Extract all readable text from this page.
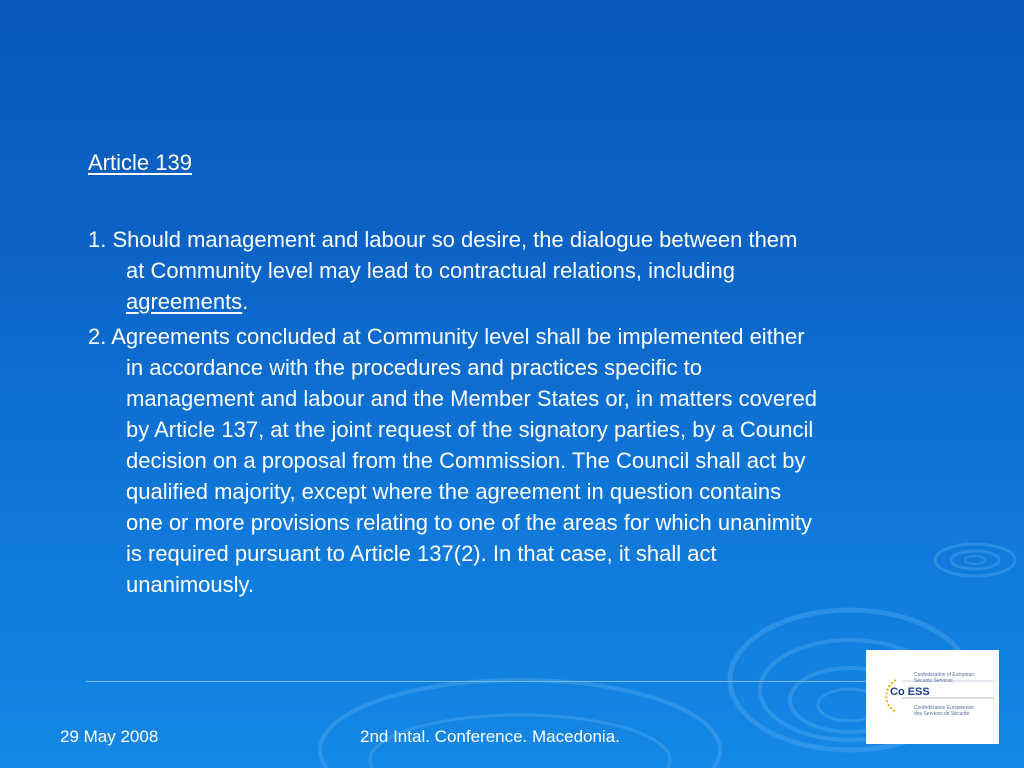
Article 139

1. Should management and labour so desire, the dialogue between them
at Community level may lead to contractual relations, including
agreements.

2. Agreements concluded at Community level shall be implemented either
in accordance with the procedures and practices specific to
management and labour and the Member States or, in matters covered
by Article 137, at the joint request of the signatory parties, by a Council
decision on a proposal from the Commission. The Council shall act by
qualified majority, except where the agreement in question contains
one or more provisions relating to one of the areas for which unanimity
is required pursuant to Article 137(2). In that case, it shall act
unanimously.

29 May 2008	2nd Intal. Conference. Macedonia.
Confederation of European
Security Services
Co ESS
Confédération Européenne
des Services de Sécurité
